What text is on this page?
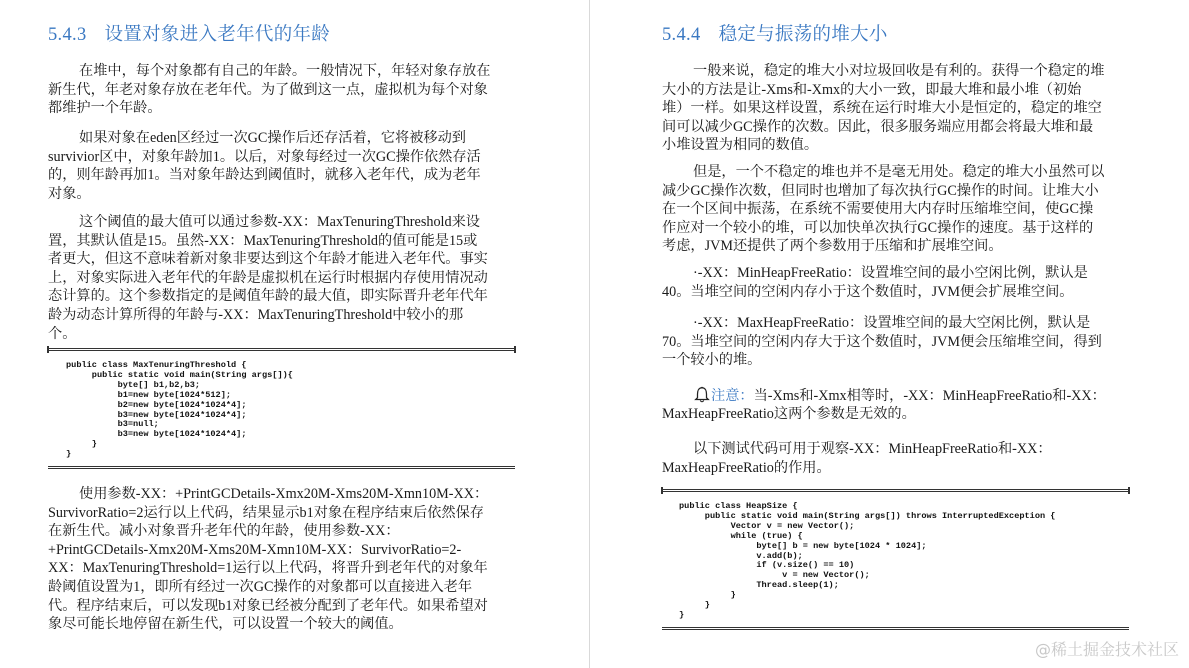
5.4.3 设置对象进入老年代的年龄
在堆中，每个对象都有自己的年龄。一般情况下，年轻对象存放在
新生代，年老对象存放在老年代。为了做到这一点，虚拟机为每个对象
都维护一个年龄。
如果对象在eden区经过一次GC操作后还存活着，它将被移动到
survivior区中，对象年龄加1。以后，对象每经过一次GC操作依然存活
的，则年龄再加1。当对象年龄达到阈值时，就移入老年代，成为老年
对象。
这个阈值的最大值可以通过参数-XX：MaxTenuringThreshold来设
置，其默认值是15。虽然-XX：MaxTenuringThreshold的值可能是15或
者更大，但这不意味着新对象非要达到这个年龄才能进入老年代。事实
上，对象实际进入老年代的年龄是虚拟机在运行时根据内存使用情况动
态计算的。这个参数指定的是阈值年龄的最大值，即实际晋升老年代年
龄为动态计算所得的年龄与-XX：MaxTenuringThreshold中较小的那
个。
public class MaxTenuringThreshold {
public static void main(String args[]){
byte[] b1,b2,b3;
b1=new byte[1024*512];
b2=new byte[1024*1024*4];
b3=new byte[1024*1024*4];
b3=null;
b3=new byte[1024*1024*4];
}
}
使用参数-XX：+PrintGCDetails-Xmx20M-Xms20M-Xmn10M-XX：
SurvivorRatio=2运行以上代码，结果显示b1对象在程序结束后依然保存
在新生代。减小对象晋升老年代的年龄，使用参数-XX：
+PrintGCDetails-Xmx20M-Xms20M-Xmn10M-XX：SurvivorRatio=2-
XX：MaxTenuringThreshold=1运行以上代码，将晋升到老年代的对象年
龄阈值设置为1，即所有经过一次GC操作的对象都可以直接进入老年
代。程序结束后，可以发现b1对象已经被分配到了老年代。如果希望对
象尽可能长地停留在新生代，可以设置一个较大的阈值。
5.4.4 稳定与振荡的堆大小
一般来说，稳定的堆大小对垃圾回收是有利的。获得一个稳定的堆
大小的方法是让-Xms和-Xmx的大小一致，即最大堆和最小堆（初始
堆）一样。如果这样设置，系统在运行时堆大小是恒定的，稳定的堆空
间可以减少GC操作的次数。因此，很多服务端应用都会将最大堆和最
小堆设置为相同的数值。
但是，一个不稳定的堆也并不是毫无用处。稳定的堆大小虽然可以
减少GC操作次数，但同时也增加了每次执行GC操作的时间。让堆大小
在一个区间中振荡，在系统不需要使用大内存时压缩堆空间，使GC操
作应对一个较小的堆，可以加快单次执行GC操作的速度。基于这样的
考虑，JVM还提供了两个参数用于压缩和扩展堆空间。
·-XX：MinHeapFreeRatio：设置堆空间的最小空闲比例，默认是
40。当堆空间的空闲内存小于这个数值时，JVM便会扩展堆空间。
·-XX：MaxHeapFreeRatio：设置堆空间的最大空闲比例，默认是
70。当堆空间的空闲内存大于这个数值时，JVM便会压缩堆空间，得到
一个较小的堆。
注意：当-Xms和-Xmx相等时，-XX：MinHeapFreeRatio和-XX：
MaxHeapFreeRatio这两个参数是无效的。
以下测试代码可用于观察-XX：MinHeapFreeRatio和-XX：
MaxHeapFreeRatio的作用。
public class HeapSize {
public static void main(String args[]) throws InterruptedException {
Vector v = new Vector();
while (true) {
byte[] b = new byte[1024 * 1024];
v.add(b);
if (v.size() == 10)
v = new Vector();
Thread.sleep(1);
}
}
}
@稀土掘金技术社区
